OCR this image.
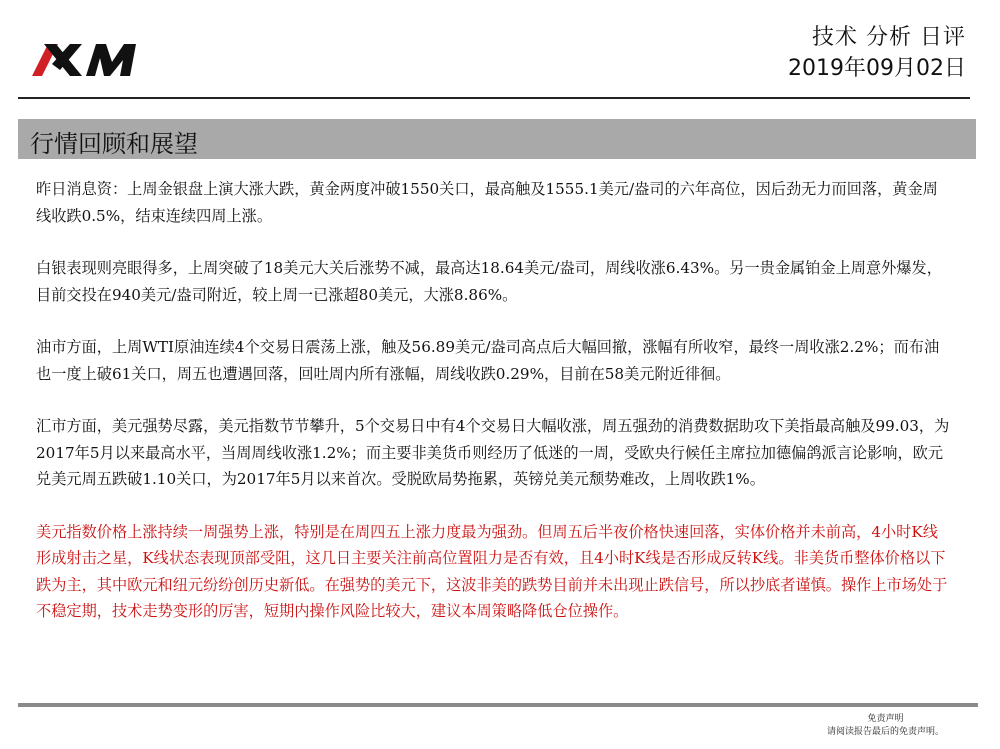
技术 分析 日评
2019年09月02日
行情回顾和展望

昨日消息资：上周金银盘上演大涨大跌，黄金两度冲破1550关口，最高触及1555.1美元/盎司的六年高位，因后劲无力而回落，黄金周线收跌0.5%，结束连续四周上涨。

白银表现则亮眼得多，上周突破了18美元大关后涨势不减，最高达18.64美元/盎司，周线收涨6.43%。另一贵金属铂金上周意外爆发，目前交投在940美元/盎司附近，较上周一已涨超80美元，大涨8.86%。

油市方面，上周WTI原油连续4个交易日震荡上涨，触及56.89美元/盎司高点后大幅回撤，涨幅有所收窄，最终一周收涨2.2%；而布油也一度上破61关口，周五也遭遇回落，回吐周内所有涨幅，周线收跌0.29%，目前在58美元附近徘徊。

汇市方面，美元强势尽露，美元指数节节攀升，5个交易日中有4个交易日大幅收涨，周五强劲的消费数据助攻下美指最高触及99.03，为2017年5月以来最高水平，当周周线收涨1.2%；而主要非美货币则经历了低迷的一周，受欧央行候任主席拉加德偏鸽派言论影响，欧元兑美元周五跌破1.10关口，为2017年5月以来首次。受脱欧局势拖累，英镑兑美元颓势难改，上周收跌1%。

美元指数价格上涨持续一周强势上涨，特别是在周四五上涨力度最为强劲。但周五后半夜价格快速回落，实体价格并未前高，4小时K线形成射击之星，K线状态表现顶部受阻，这几日主要关注前高位置阻力是否有效，且4小时K线是否形成反转K线。非美货币整体价格以下跌为主，其中欧元和纽元纷纷创历史新低。在强势的美元下，这波非美的跌势目前并未出现止跌信号，所以抄底者谨慎。操作上市场处于不稳定期，技术走势变形的厉害，短期内操作风险比较大，建议本周策略降低仓位操作。

免责声明
请阅读报告最后的免责声明。
